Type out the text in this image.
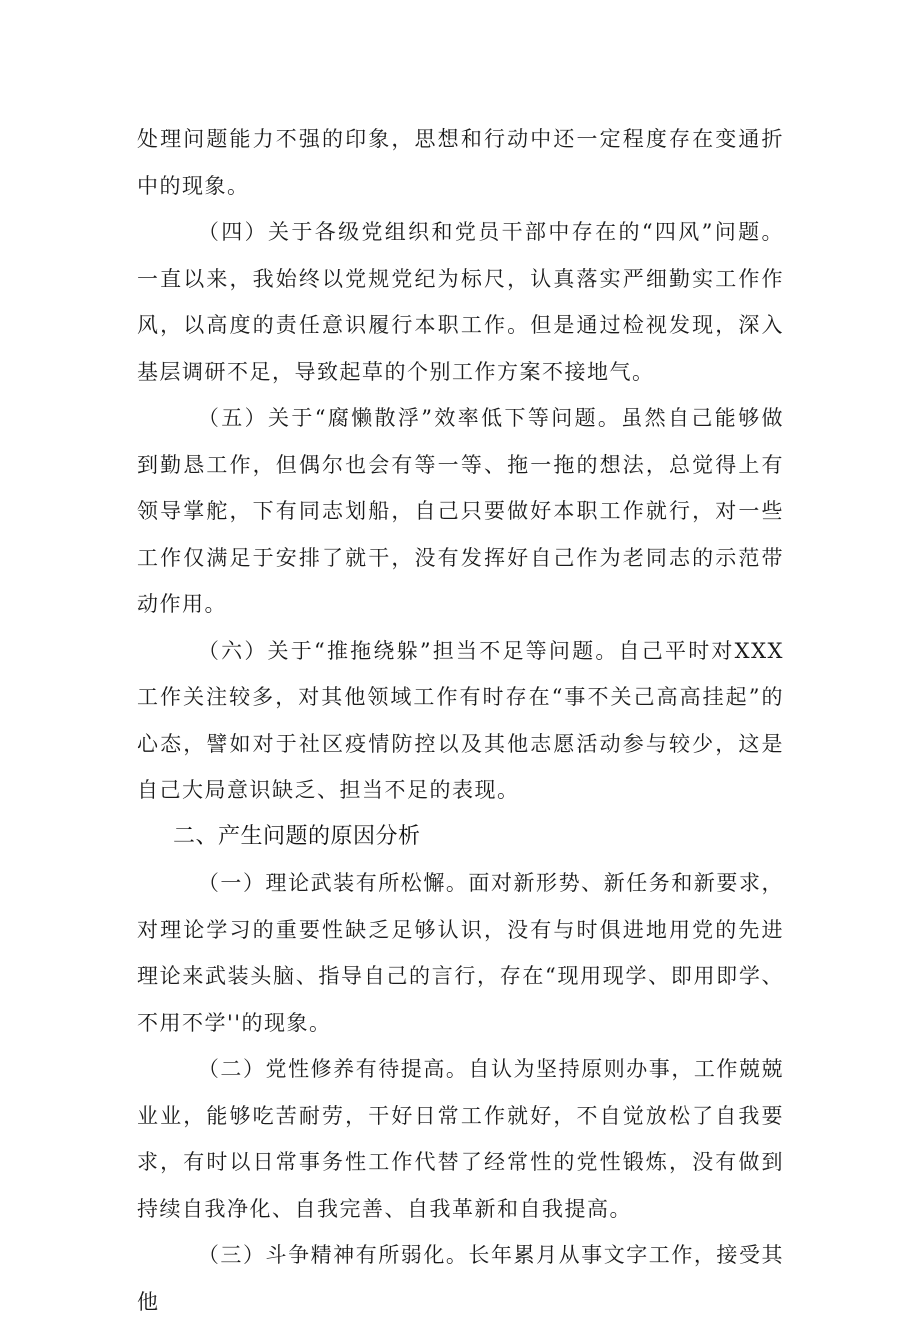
处理问题能力不强的印象，思想和行动中还一定程度存在变通折中的现象。

（四）关于各级党组织和党员干部中存在的“四风”问题。一直以来，我始终以党规党纪为标尺，认真落实严细勤实工作作风，以高度的责任意识履行本职工作。但是通过检视发现，深入基层调研不足，导致起草的个别工作方案不接地气。

（五）关于“腐懒散浮”效率低下等问题。虽然自己能够做到勤恳工作，但偶尔也会有等一等、拖一拖的想法，总觉得上有领导掌舵，下有同志划船，自己只要做好本职工作就行，对一些工作仅满足于安排了就干，没有发挥好自己作为老同志的示范带动作用。

（六）关于“推拖绕躲”担当不足等问题。自己平时对XXX工作关注较多，对其他领域工作有时存在“事不关己高高挂起”的心态，譬如对于社区疫情防控以及其他志愿活动参与较少，这是自己大局意识缺乏、担当不足的表现。

二、产生问题的原因分析

（一）理论武装有所松懈。面对新形势、新任务和新要求，对理论学习的重要性缺乏足够认识，没有与时俱进地用党的先进理论来武装头脑、指导自己的言行，存在“现用现学、即用即学、不用不学''的现象。

（二）党性修养有待提高。自认为坚持原则办事，工作兢兢业业，能够吃苦耐劳，干好日常工作就好，不自觉放松了自我要求，有时以日常事务性工作代替了经常性的党性锻炼，没有做到持续自我净化、自我完善、自我革新和自我提高。

（三）斗争精神有所弱化。长年累月从事文字工作，接受其他
